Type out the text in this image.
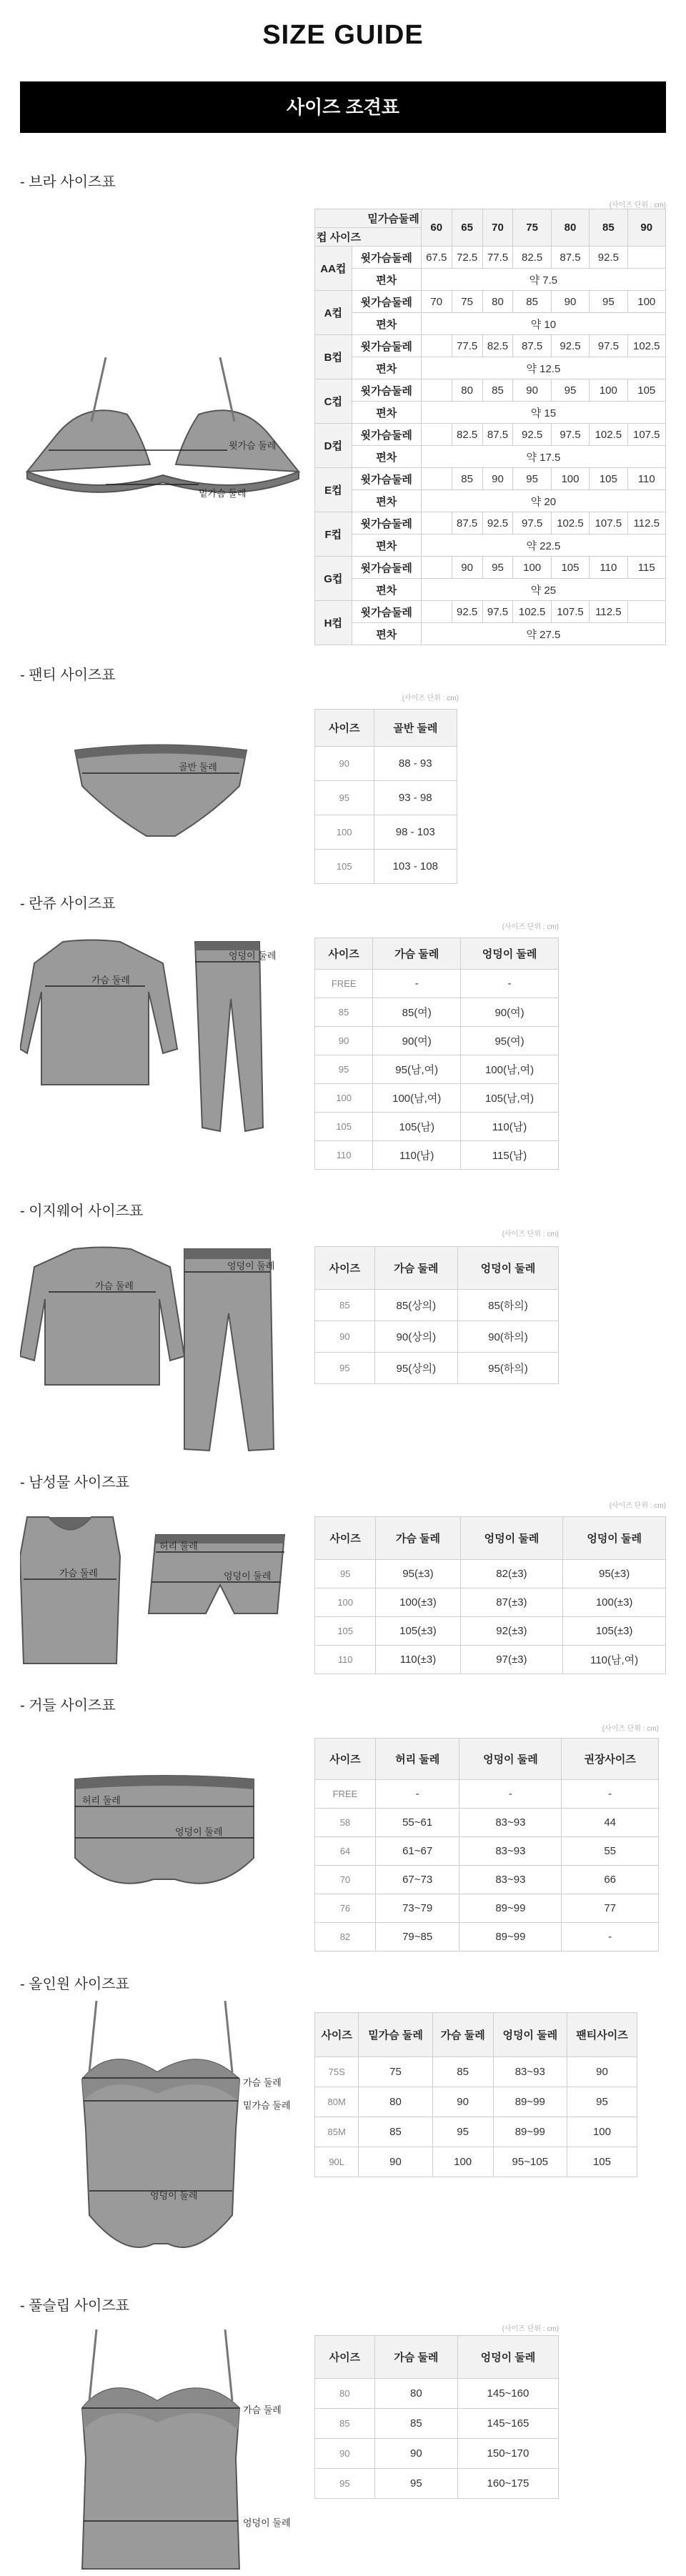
SIZE GUIDE
사이즈 조견표
- 브라 사이즈표
(사이즈 단위 : cm)
윗가슴 둘레
밑가슴 둘레
밑가슴둘레		60	65	70	75	80	85	90
컵 사이즈								
AA컵	윗가슴둘레	67.5	72.5	77.5	82.5	87.5	92.5	
	편차	약 7.5						
A컵	윗가슴둘레	70	75	80	85	90	95	100
	편차	약 10						
B컵	윗가슴둘레		77.5	82.5	87.5	92.5	97.5	102.5
	편차	약 12.5						
C컵	윗가슴둘레		80	85	90	95	100	105
	편차	약 15						
D컵	윗가슴둘레		82.5	87.5	92.5	97.5	102.5	107.5
	편차	약 17.5						
E컵	윗가슴둘레		85	90	95	100	105	110
	편차	약 20						
F컵	윗가슴둘레		87.5	92.5	97.5	102.5	107.5	112.5
	편차	약 22.5						
G컵	윗가슴둘레		90	95	100	105	110	115
	편차	약 25						
H컵	윗가슴둘레		92.5	97.5	102.5	107.5	112.5	
	편차	약 27.5						
- 팬티 사이즈표
(사이즈 단위 : cm)
골반 둘레
사이즈	골반 둘레
90	88 - 93
95	93 - 98
100	98 - 103
105	103 - 108
- 란쥬 사이즈표
(사이즈 단위 : cm)
가슴 둘레
엉덩이 둘레	사이즈	가슴 둘레	엉덩이 둘레
FREE	-	-
85	85(여)	90(여)
90	90(여)	95(여)
95	95(남,여)	100(남,여)
100	100(남,여)	105(남,여)
105	105(남)	110(남)
110	110(남)	115(남)
- 이지웨어 사이즈표
(사이즈 단위 : cm)
가슴 둘레
엉덩이 둘레	사이즈	가슴 둘레	엉덩이 둘레
85	85(상의)	85(하의)
90	90(상의)	90(하의)
95	95(상의)	95(하의)
- 남성물 사이즈표
(사이즈 단위 : cm)
가슴 둘레
허리 둘레
엉덩이 둘레
사이즈	가슴 둘레	엉덩이 둘레	엉덩이 둘레
95	95(±3)	82(±3)	95(±3)
100	100(±3)	87(±3)	100(±3)
105	105(±3)	92(±3)	105(±3)
110	110(±3)	97(±3)	110(남,여)
- 거들 사이즈표
(사이즈 단위 : cm)
허리 둘레
엉덩이 둘레
사이즈	허리 둘레	엉덩이 둘레	권장사이즈
FREE	-	-	-
58	55~61	83~93	44
64	61~67	83~93	55
70	67~73	83~93	66
76	73~79	89~99	77
82	79~85	89~99	-
- 올인원 사이즈표
가슴 둘레
밑가슴 둘레
엉덩이 둘레
사이즈	밑가슴 둘레	가슴 둘레	엉덩이 둘레	팬티사이즈
75S	75	85	83~93	90
80M	80	90	89~99	95
85M	85	95	89~99	100
90L	90	100	95~105	105
- 풀슬립 사이즈표
(사이즈 단위 : cm)
가슴 둘레
엉덩이 둘레
사이즈	가슴 둘레	엉덩이 둘레
80	80	145~160
85	85	145~165
90	90	150~170
95	95	160~175
